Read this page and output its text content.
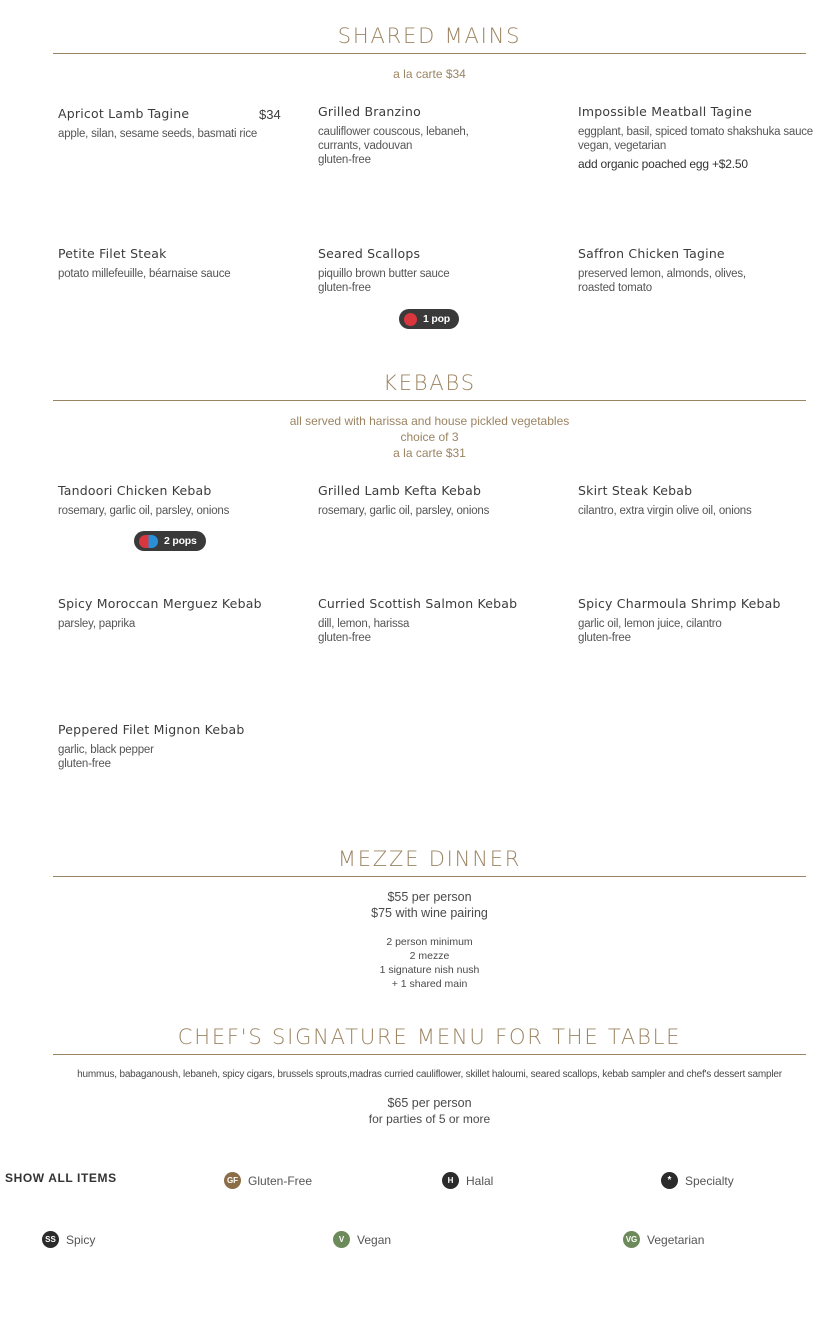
SHARED MAINS
a la carte $34
Apricot Lamb Tagine
apple, silan, sesame seeds, basmati rice
$34	Grilled Branzino
cauliflower couscous, lebaneh,
currants, vadouvan
gluten-free
Impossible Meatball Tagine
eggplant, basil, spiced tomato shakshuka sauce
vegan, vegetarian
add organic poached egg +$2.50
Petite Filet Steak
potato millefeuille, béarnaise sauce
Seared Scallops
piquillo brown butter sauce
gluten-free
1 pop
Saffron Chicken Tagine
preserved lemon, almonds, olives,
roasted tomato
KEBABS
all served with harissa and house pickled vegetables
choice of 3
a la carte $31
Tandoori Chicken Kebab
rosemary, garlic oil, parsley, onions
2 pops
Grilled Lamb Kefta Kebab
rosemary, garlic oil, parsley, onions
Skirt Steak Kebab
cilantro, extra virgin olive oil, onions
Spicy Moroccan Merguez Kebab
parsley, paprika
Curried Scottish Salmon Kebab
dill, lemon, harissa
gluten-free
Spicy Charmoula Shrimp Kebab
garlic oil, lemon juice, cilantro
gluten-free
Peppered Filet Mignon Kebab
garlic, black pepper
gluten-free
MEZZE DINNER
$55 per person
$75 with wine pairing
2 person minimum
2 mezze
1 signature nish nush
+ 1 shared main
CHEF'S SIGNATURE MENU FOR THE TABLE
hummus, babaganoush, lebaneh, spicy cigars, brussels sprouts,madras curried cauliflower, skillet haloumi, seared scallops, kebab sampler and chef's dessert sampler
$65 per person
for parties of 5 or more
SHOW ALL ITEMS	GF Gluten-Free	H	Halal	*	Specialty
SS Spicy	V	Vegan	VG Vegetarian
